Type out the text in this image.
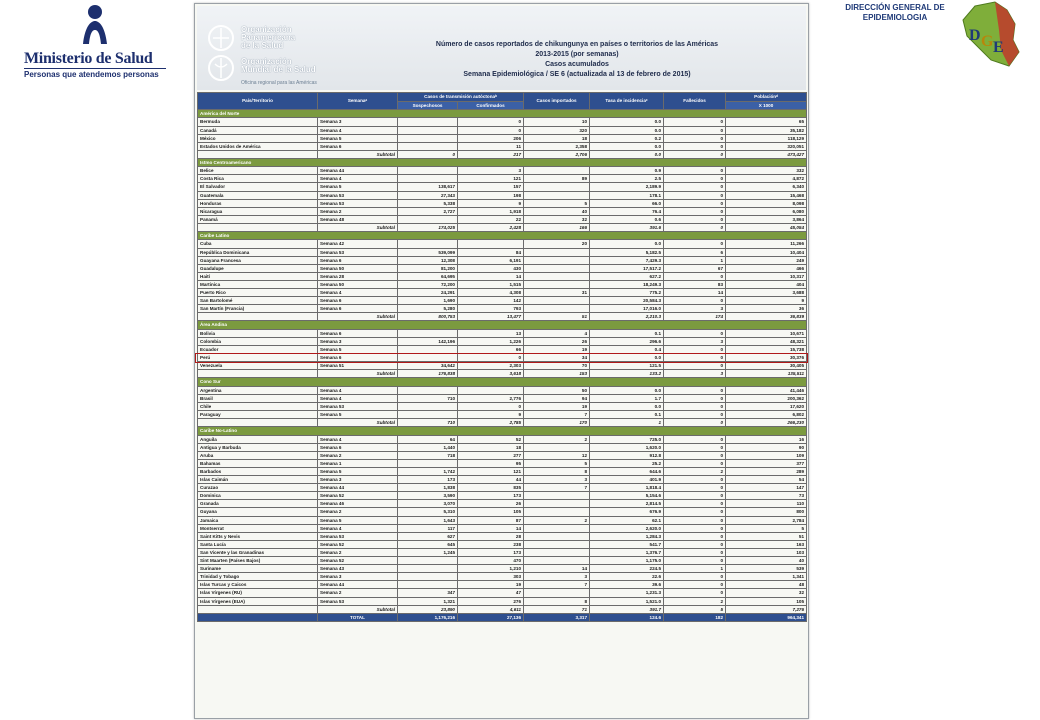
Ministerio de Salud
Personas que atendemos personas
DIRECCIÓN GENERAL DE
EPIDEMIOLOGIA
D G E
Organización
Panamericana
de la Salud
Organización
Mundial de la Salud
Oficina regional para las Américas
Número de casos reportados de chikungunya en países o territorios de las Américas
2013-2015 (por semanas)
Casos acumulados
Semana Epidemiológica / SE 6 (actualizada al 13 de febrero de 2015)
País/Territorio	Semanaᵃ	Casos de transmisión autóctonaᵇ		Casos importados	Tasa de incidenciaᶜ	Fallecidos	Poblaciónᵈ
		Sospechosos	Confirmados				X 1000
América del Norte							
Bermuda	Semana 3		0	10	0.0	0	65
Canadá	Semana 4		0	320	0.0	0	35,182
México	Semana 5		206	18	0.2	0	118,129
Estados Unidos de América	Semana 6		11	2,358	0.0	0	320,051
	Subtotal	0	217	2,706	0.0	0	473,427
Istmo Centroamericano							
Belice	Semana 44		3		0.9	0	332
Costa Rica	Semana 4		121	89	2.5	0	4,872
El Salvador	Semana 5	138,617	157		2,189.9	0	6,340
Guatemala	Semana 53	27,343	198		178.1	0	15,468
Honduras	Semana 53	5,338	9	5	66.0	0	8,098
Nicaragua	Semana 2	2,727	1,918	40	76.4	0	6,080
Panamá	Semana 48		22	32	0.6	0	3,864
	Subtotal	174,025	2,428	166	391.6	0	45,054
Caribe Latino							
Cuba	Semana 42			20	0.0	0	11,266
República Dominicana	Semana 53	539,099	84		5,182.5	6	10,404
Guayana Francesa	Semana 6	12,308	6,191		7,429.3	1	249
Guadalupe	Semana 50	81,200	430		17,517.2	67	466
Haití	Semana 28	64,695	14		627.2	0	10,317
Martinica	Semana 50	72,200	1,515		18,249.3	83	404
Puerto Rico	Semana 4	24,291	4,308	31	775.2	14	3,688
San Bartolomé	Semana 6	1,690	142		20,584.3	0	9
San Martín (Francia)	Semana 6	5,280	793		17,016.0	3	36
	Subtotal	800,753	13,477	51	2,210.3	174	36,839
Área Andina							
Bolivia	Semana 6		13	4	0.1	0	10,671
Colombia	Semana 3	142,196	1,226	26	296.6	3	48,321
Ecuador	Semana 5		66	19	0.4	0	15,738
Perú	Semana 6		0	34	0.0	0	30,376
Venezuela	Semana 51	34,642	2,303	70	121.5	0	30,405
	Subtotal	176,838	3,618	153	133.2	3	135,511
Cono Sur							
Argentina	Semana 4			50	0.0	0	41,446
Brasil	Semana 4	710	2,776	94	1.7	0	200,362
Chile	Semana 53		0	19	0.0	0	17,620
Paraguay	Semana 5		9	7	0.1	0	6,802
	Subtotal	710	2,785	170	1	0	266,230
Caribe No-Latino							
Anguila	Semana 4	64	52	2	725.0	0	16
Antigua y Barbuda	Semana 6	1,440	18		1,620.0	0	90
Aruba	Semana 2	718	277	12	912.8	0	109
Bahamas	Semana 1		95	5	25.2	0	377
Barbados	Semana 5	1,742	121	8	644.6	2	289
Islas Caimán	Semana 3	173	44	3	401.9	0	54
Curazao	Semana 44	1,838	835	7	1,818.4	0	147
Dominica	Semana 52	3,590	173		5,154.6	0	73
Granada	Semana 46	3,070	26		2,814.5	0	110
Guyana	Semana 2	5,310	105		676.9	0	800
Jamaica	Semana 5	1,643	87	2	62.1	0	2,784
Montserrat	Semana 4	117	14		2,620.0	0	5
Saint Kitts y Nevis	Semana 53	627	28		1,284.3	0	51
Santa Lucía	Semana 52	645	238		541.7	0	163
San Vicente y las Granadinas	Semana 2	1,245	173		1,376.7	0	103
Sint Maarten (Países Bajos)	Semana 52		470		1,175.0	0	40
Suriname	Semana 43		1,210	14	224.5	1	539
Trinidad y Tobago	Semana 3		303	3	22.6	0	1,341
Islas Turcas y Caicos	Semana 44		19	7	39.6	0	48
Islas Vírgenes (RU)	Semana 2	347	47		1,231.3	0	32
Islas Vírgenes (EUA)	Semana 53	1,321	276	8	1,521.0	2	105
	Subtotal	23,890	4,611	71	391.7	5	7,276
	TOTAL	1,176,216	27,136	3,317	124.6	182	964,341
